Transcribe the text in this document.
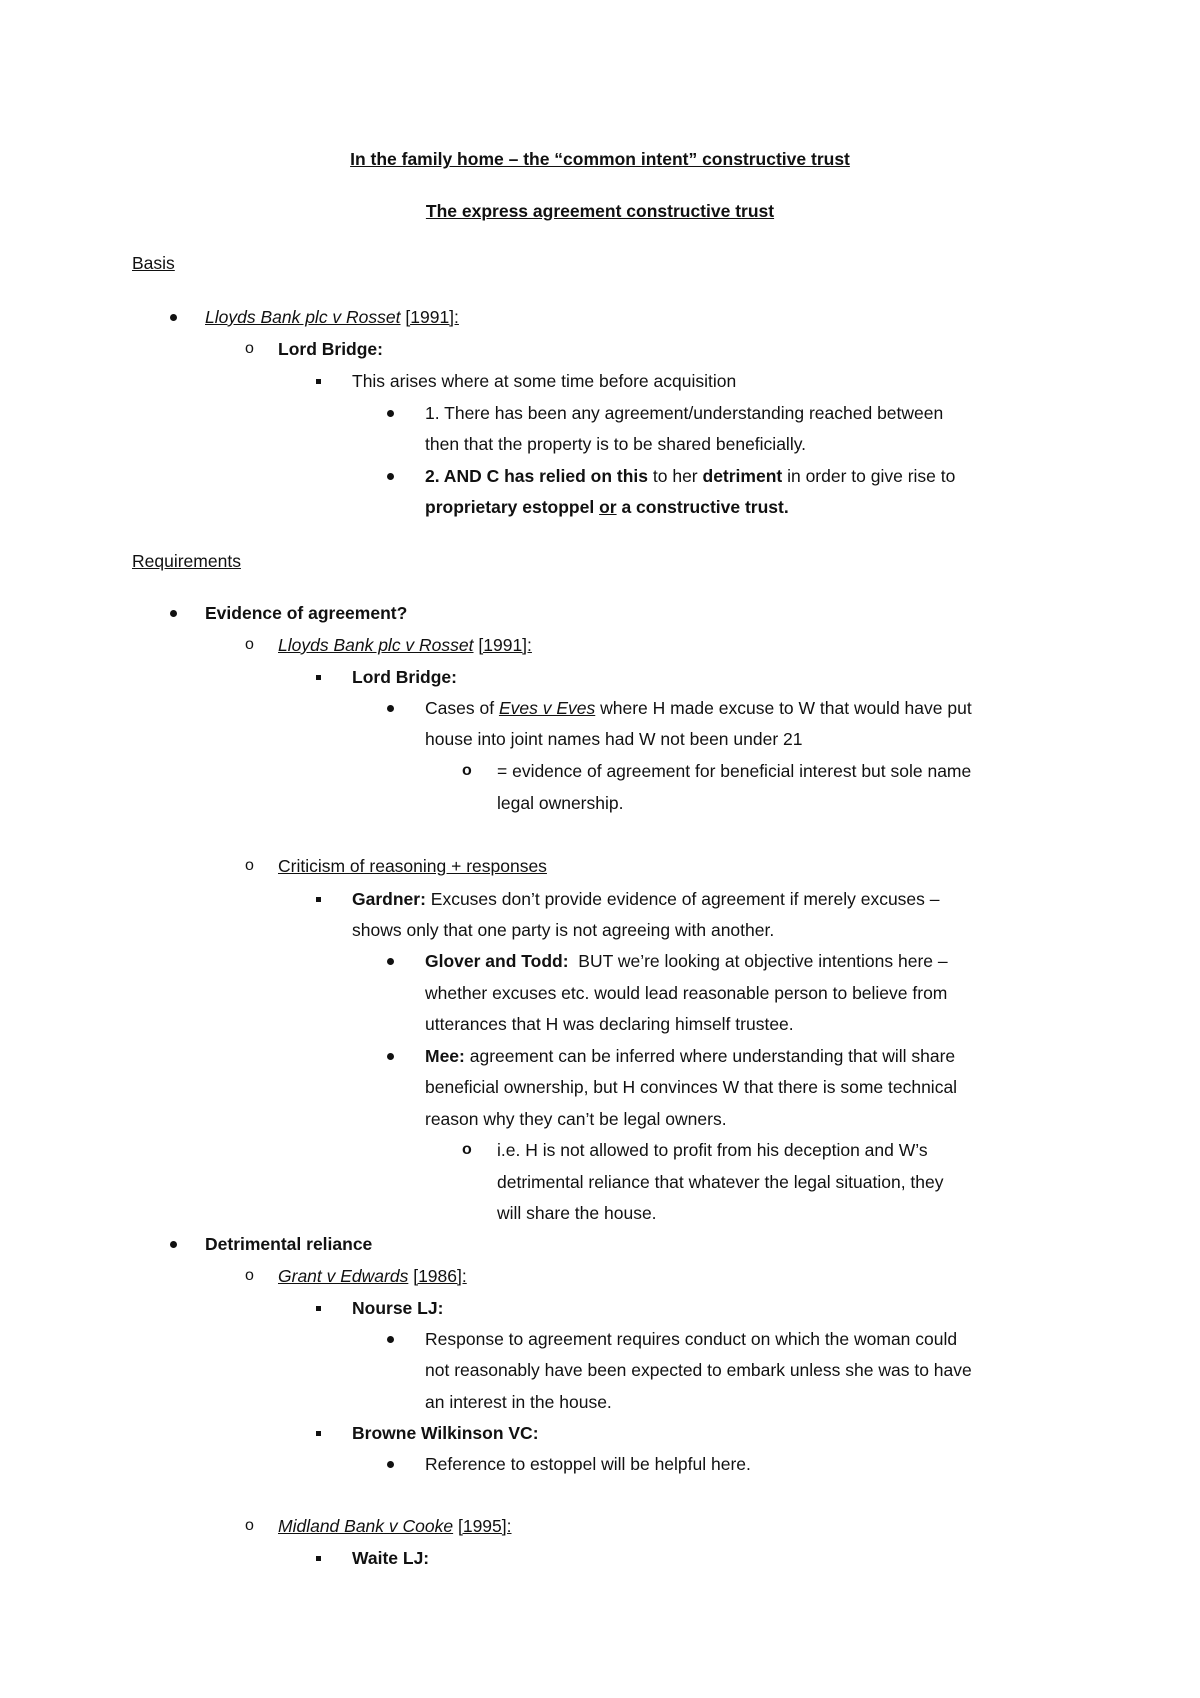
In the family home – the “common intent” constructive trust
The express agreement constructive trust
Basis
Lloyds Bank plc v Rosset [1991]:
o Lord Bridge:
This arises where at some time before acquisition
1. There has been any agreement/understanding reached between
then that the property is to be shared beneficially.
2. AND C has relied on this to her detriment in order to give rise to
proprietary estoppel or a constructive trust.
Requirements
Evidence of agreement?
o Lloyds Bank plc v Rosset [1991]:
Lord Bridge:
Cases of Eves v Eves where H made excuse to W that would have put
house into joint names had W not been under 21
o = evidence of agreement for beneficial interest but sole name
legal ownership.
o Criticism of reasoning + responses
Gardner: Excuses don’t provide evidence of agreement if merely excuses –
shows only that one party is not agreeing with another.
Glover and Todd:  BUT we’re looking at objective intentions here –
whether excuses etc. would lead reasonable person to believe from
utterances that H was declaring himself trustee.
Mee: agreement can be inferred where understanding that will share
beneficial ownership, but H convinces W that there is some technical
reason why they can’t be legal owners.
o i.e. H is not allowed to profit from his deception and W’s
detrimental reliance that whatever the legal situation, they
will share the house.
Detrimental reliance
o Grant v Edwards [1986]:
Nourse LJ:
Response to agreement requires conduct on which the woman could
not reasonably have been expected to embark unless she was to have
an interest in the house.
Browne Wilkinson VC:
Reference to estoppel will be helpful here.
o Midland Bank v Cooke [1995]:
Waite LJ:
